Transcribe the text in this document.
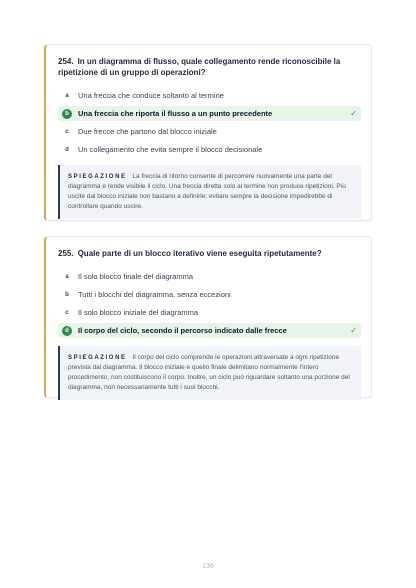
254. In un diagramma di flusso, quale collegamento rende riconoscibile la ripetizione di un gruppo di operazioni?
a	Una freccia che conduce soltanto al termine
b	Una freccia che riporta il flusso a un punto precedente	✓
c	Due frecce che partono dal blocco iniziale
d	Un collegamento che evita sempre il blocco decisionale
SPIEGAZIONE La freccia di ritorno consente di percorrere nuovamente una parte del diagramma e rende visibile il ciclo. Una freccia diretta solo al termine non produce ripetizioni. Più uscite dal blocco iniziale non bastano a definirle; evitare sempre la decisione impedirebbe di controllare quando uscire.
255. Quale parte di un blocco iterativo viene eseguita ripetutamente?
a	Il solo blocco finale del diagramma
b	Tutti i blocchi del diagramma, senza eccezioni
c	Il solo blocco iniziale del diagramma
d	Il corpo del ciclo, secondo il percorso indicato dalle frecce	✓
SPIEGAZIONE Il corpo del ciclo comprende le operazioni attraversate a ogni ripetizione prevista dal diagramma. Il blocco iniziale e quello finale delimitano normalmente l'intero procedimento, non costituiscono il corpo. Inoltre, un ciclo può riguardare soltanto una porzione del diagramma, non necessariamente tutti i suoi blocchi.
136
